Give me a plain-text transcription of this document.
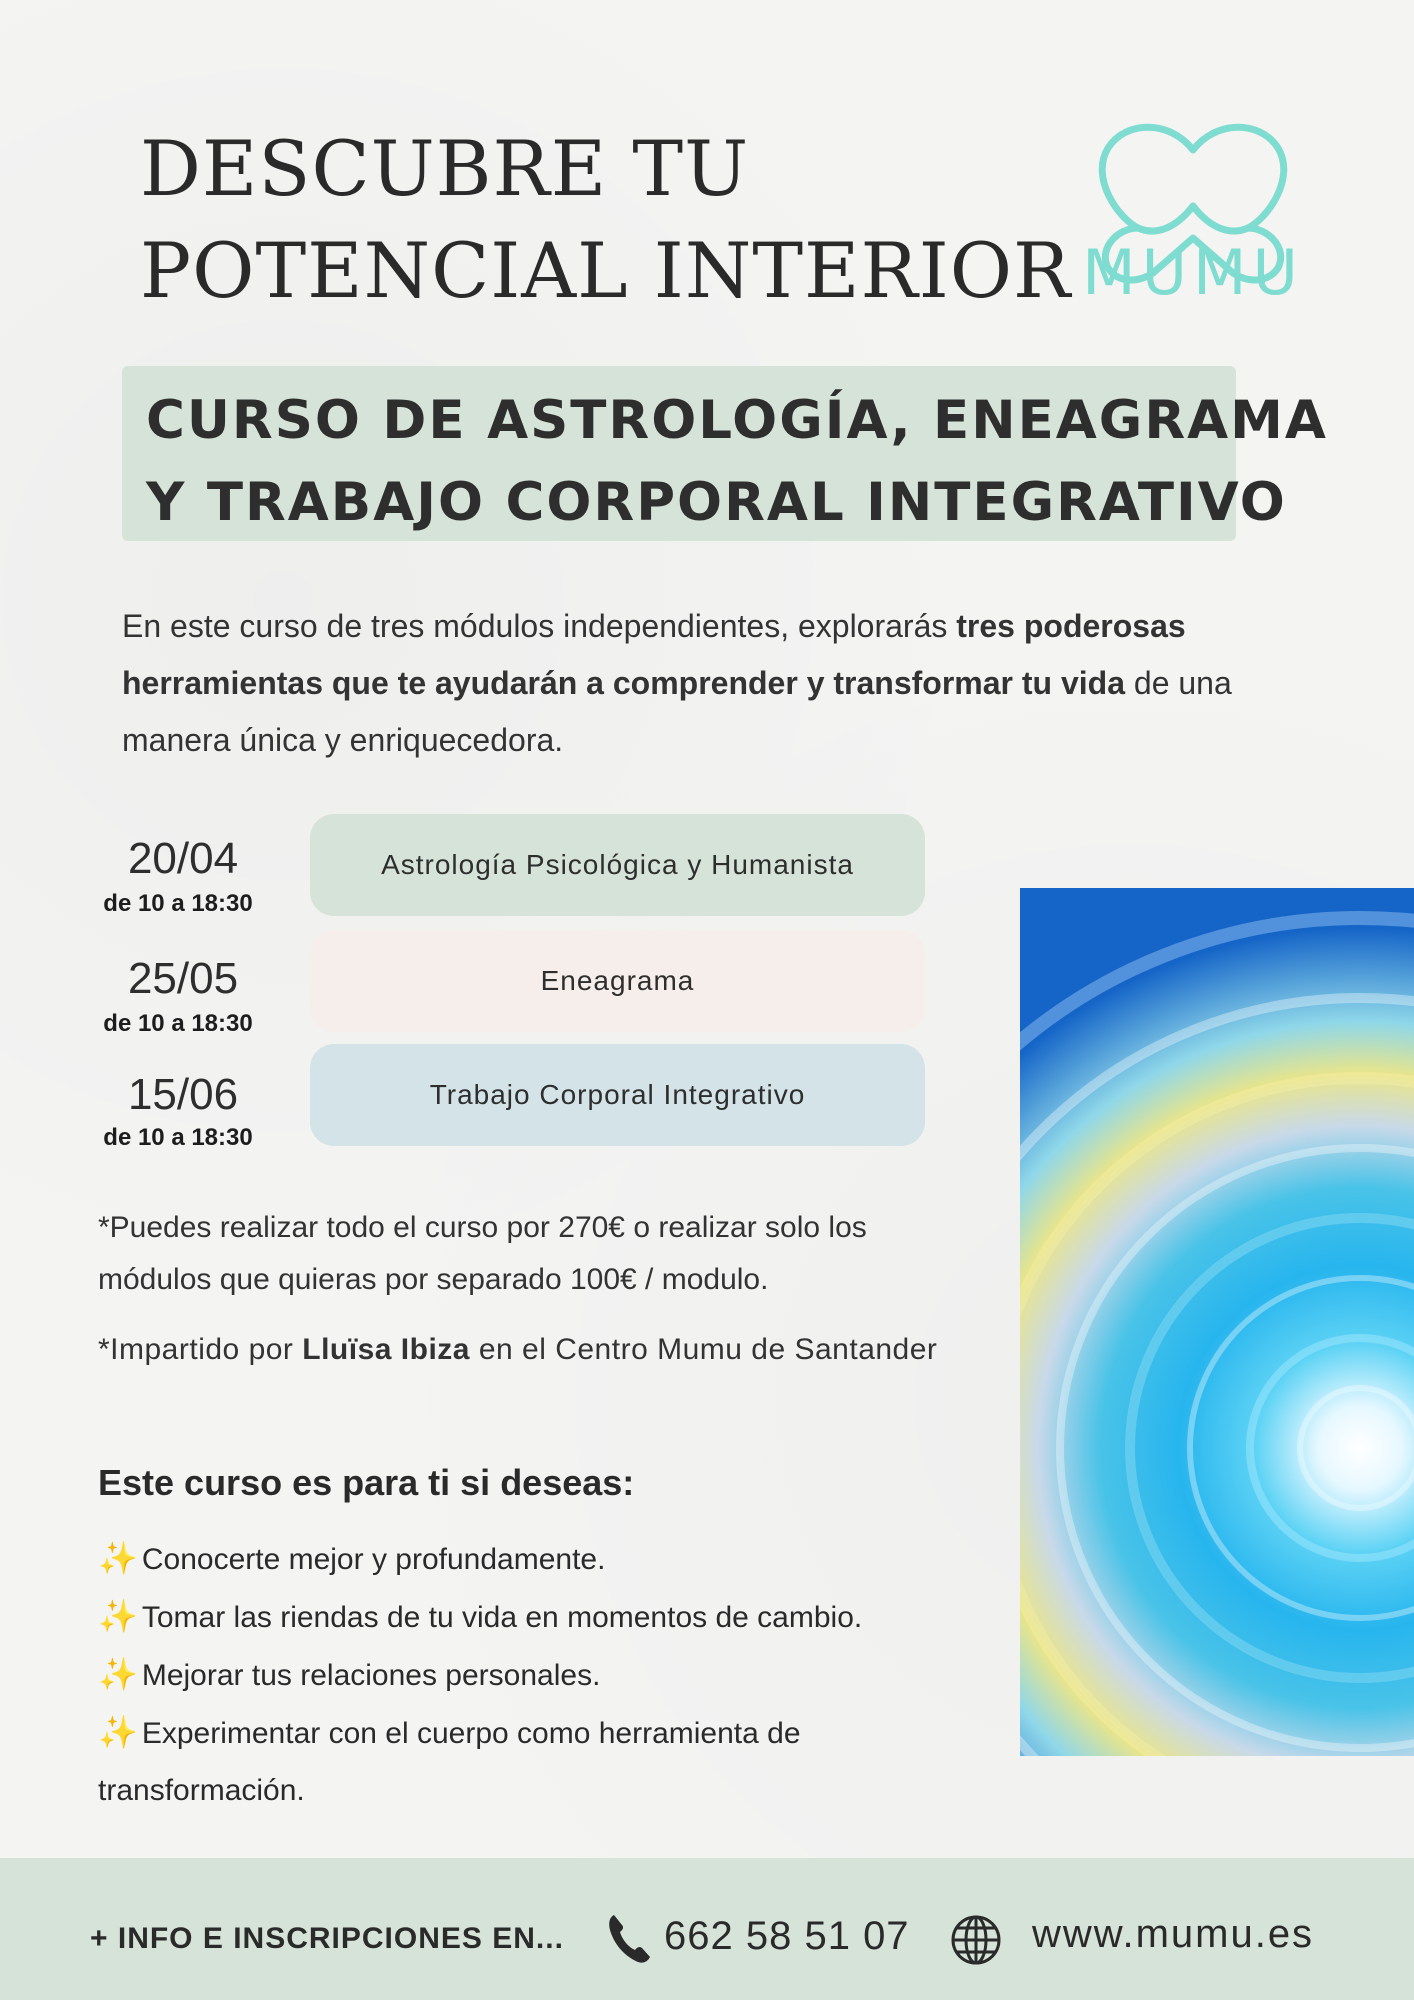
DESCUBRE TU
POTENCIAL INTERIOR MUMU
CURSO DE ASTROLOGÍA, ENEAGRAMA
Y TRABAJO CORPORAL INTEGRATIVO
En este curso de tres módulos independientes, explorarás tres poderosas herramientas que te ayudarán a comprender y transformar tu vida de una manera única y enriquecedora.
20/04
de 10 a 18:30
Astrología Psicológica y Humanista
25/05
de 10 a 18:30
Eneagrama
15/06
de 10 a 18:30
Trabajo Corporal Integrativo
*Puedes realizar todo el curso por 270€ o realizar solo los módulos que quieras por separado 100€ / modulo.
*Impartido por Lluïsa Ibiza en el Centro Mumu de Santander
Este curso es para ti si deseas:
✨ Conocerte mejor y profundamente.
✨ Tomar las riendas de tu vida en momentos de cambio.
✨ Mejorar tus relaciones personales.
✨ Experimentar con el cuerpo como herramienta de transformación.
+ INFO E INSCRIPCIONES EN...	662 58 51 07	www.mumu.es
